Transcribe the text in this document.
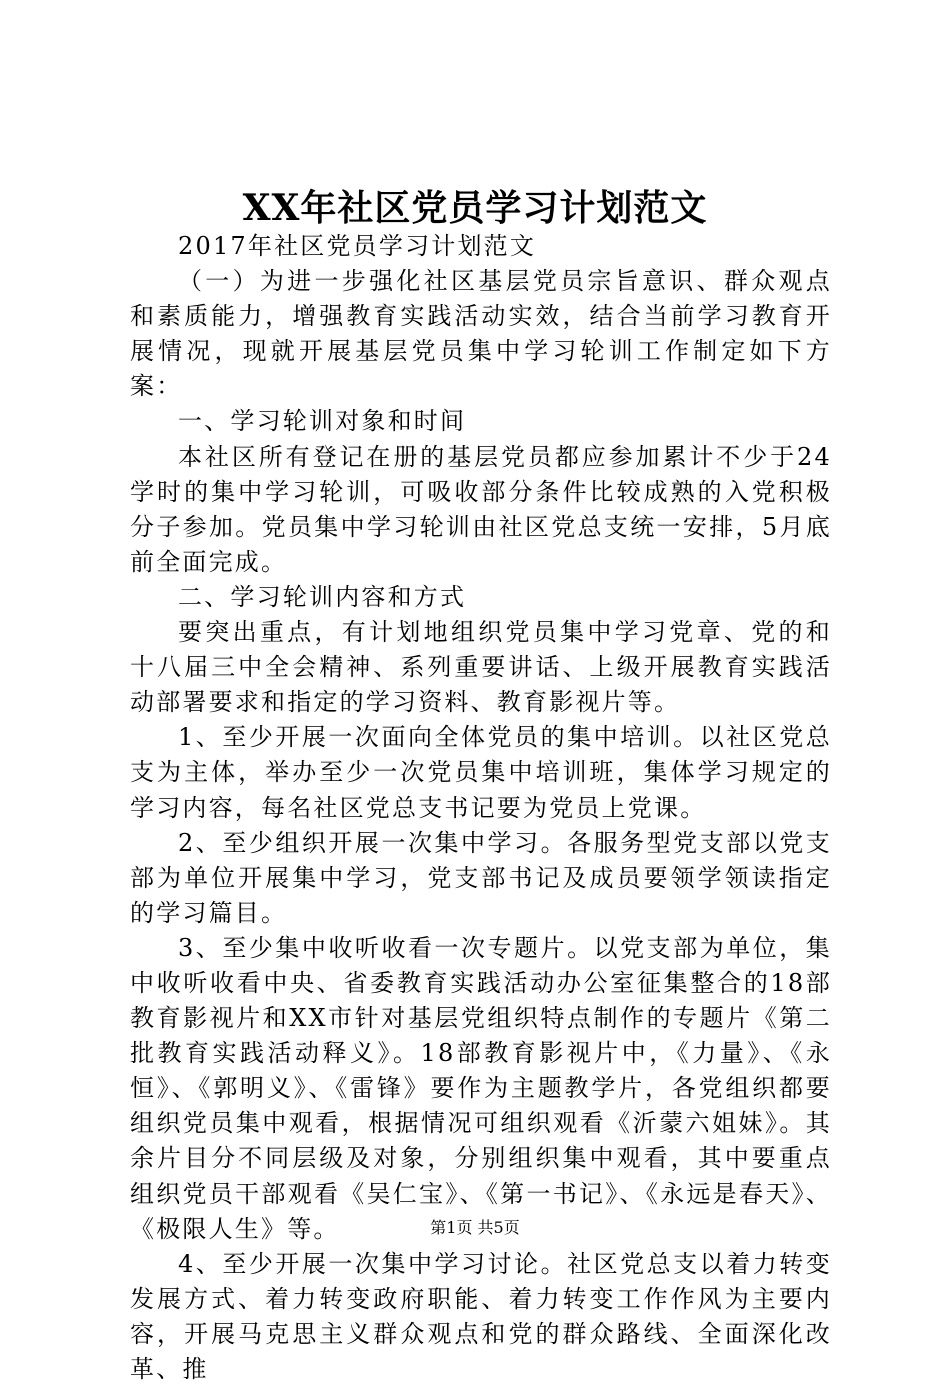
XX年社区党员学习计划范文

2017年社区党员学习计划范文

（一）为进一步强化社区基层党员宗旨意识、群众观点和素质能力，增强教育实践活动实效，结合当前学习教育开展情况，现就开展基层党员集中学习轮训工作制定如下方案：

一、学习轮训对象和时间

本社区所有登记在册的基层党员都应参加累计不少于24学时的集中学习轮训，可吸收部分条件比较成熟的入党积极分子参加。党员集中学习轮训由社区党总支统一安排，5月底前全面完成。

二、学习轮训内容和方式

要突出重点，有计划地组织党员集中学习党章、党的和十八届三中全会精神、系列重要讲话、上级开展教育实践活动部署要求和指定的学习资料、教育影视片等。

1、至少开展一次面向全体党员的集中培训。以社区党总支为主体，举办至少一次党员集中培训班，集体学习规定的学习内容，每名社区党总支书记要为党员上党课。

2、至少组织开展一次集中学习。各服务型党支部以党支部为单位开展集中学习，党支部书记及成员要领学领读指定的学习篇目。

3、至少集中收听收看一次专题片。以党支部为单位，集中收听收看中央、省委教育实践活动办公室征集整合的18部教育影视片和XX市针对基层党组织特点制作的专题片《第二批教育实践活动释义》。18部教育影视片中，《力量》、《永恒》、《郭明义》、《雷锋》要作为主题教学片，各党组织都要组织党员集中观看，根据情况可组织观看《沂蒙六姐妹》。其余片目分不同层级及对象，分别组织集中观看，其中要重点组织党员干部观看《吴仁宝》、《第一书记》、《永远是春天》、《极限人生》等。

4、至少开展一次集中学习讨论。社区党总支以着力转变发展方式、着力转变政府职能、着力转变工作作风为主要内容，开展马克思主义群众观点和党的群众路线、全面深化改革、推

第1页 共5页
